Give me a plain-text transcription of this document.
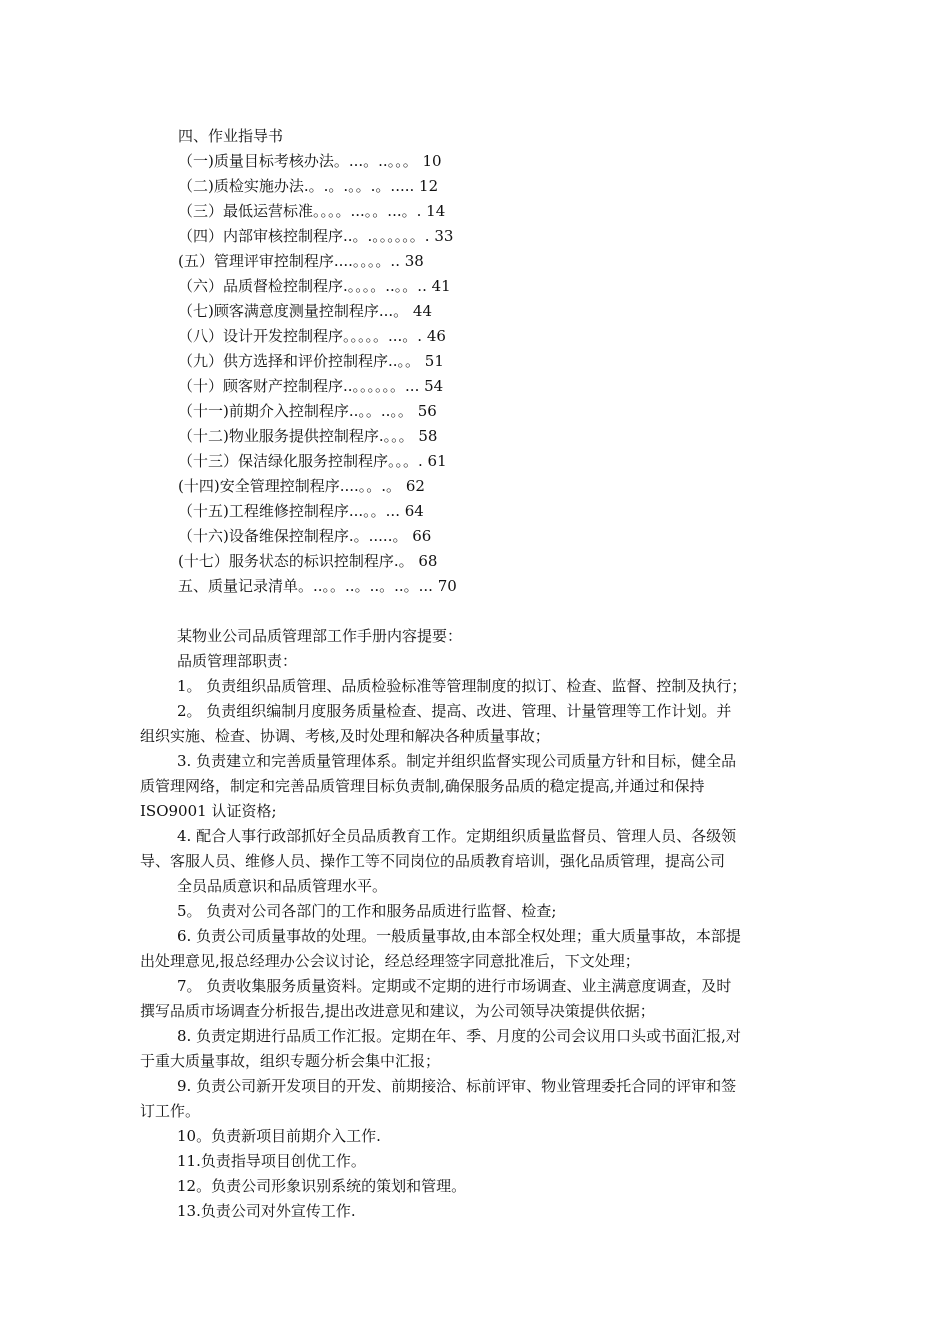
四、作业指导书
（一)质量目标考核办法。...。..。。。 10
（二)质检实施办法.。.。.。。.。..... 12
（三）最低运营标准。。。。...。。...。. 14
（四）内部审核控制程序..。.。。。。。。. 33
(五）管理评审控制程序....。。。。.. 38
（六）品质督检控制程序.。。。。..。。.. 41
（七)顾客满意度测量控制程序...。 44
（八）设计开发控制程序。。。。。...。. 46
（九）供方选择和评价控制程序..。。 51
（十）顾客财产控制程序..。。。。。。... 54
（十一)前期介入控制程序..。。..。。 56
（十二)物业服务提供控制程序.。。。 58
（十三）保洁绿化服务控制程序。。。. 61
(十四)安全管理控制程序....。。.。 62
（十五)工程维修控制程序...。。... 64
（十六)设备维保控制程序.。.....。 66
(十七）服务状态的标识控制程序.。 68
五、质量记录清单。..。。..。..。..。... 70
某物业公司品质管理部工作手册内容提要：
品质管理部职责：
1。 负责组织品质管理、品质检验标准等管理制度的拟订、检查、监督、控制及执行；
2。 负责组织编制月度服务质量检查、提高、改进、管理、计量管理等工作计划。并
组织实施、检查、协调、考核,及时处理和解决各种质量事故；
3. 负责建立和完善质量管理体系。制定并组织监督实现公司质量方针和目标，健全品
质管理网络，制定和完善品质管理目标负责制,确保服务品质的稳定提高,并通过和保持
ISO9001 认证资格;
4. 配合人事行政部抓好全员品质教育工作。定期组织质量监督员、管理人员、各级领
导、客服人员、维修人员、操作工等不同岗位的品质教育培训，强化品质管理，提高公司
全员品质意识和品质管理水平。
5。 负责对公司各部门的工作和服务品质进行监督、检查;
6. 负责公司质量事故的处理。一般质量事故,由本部全权处理；重大质量事故，本部提
出处理意见,报总经理办公会议讨论，经总经理签字同意批准后，下文处理；
7。 负责收集服务质量资料。定期或不定期的进行市场调查、业主满意度调查，及时
撰写品质市场调查分析报告,提出改进意见和建议，为公司领导决策提供依据；
8. 负责定期进行品质工作汇报。定期在年、季、月度的公司会议用口头或书面汇报,对
于重大质量事故，组织专题分析会集中汇报；
9. 负责公司新开发项目的开发、前期接洽、标前评审、物业管理委托合同的评审和签
订工作。
10。负责新项目前期介入工作.
11.负责指导项目创优工作。
12。负责公司形象识别系统的策划和管理。
13.负责公司对外宣传工作.
